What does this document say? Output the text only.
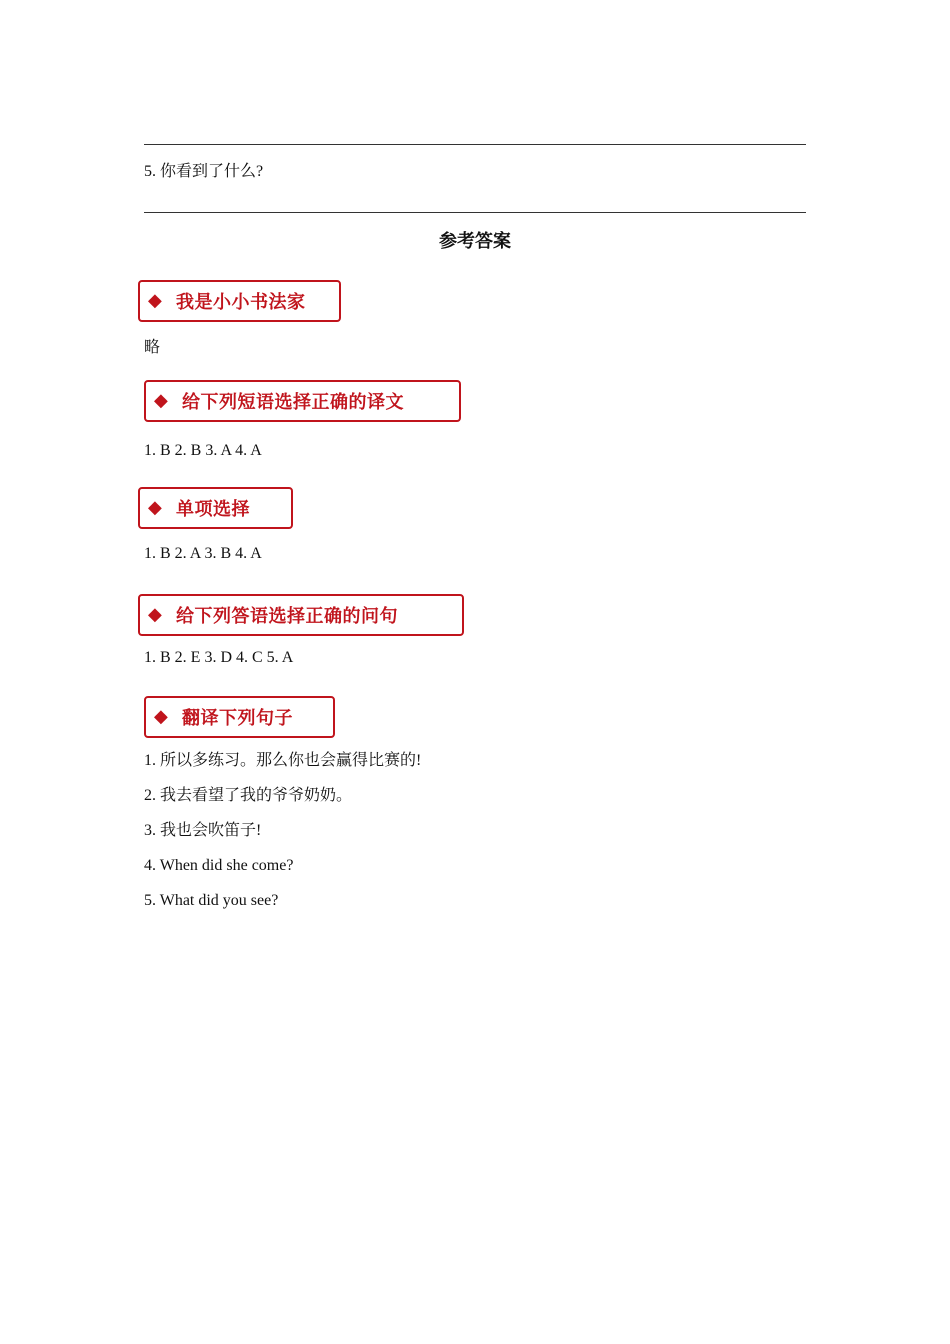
5. 你看到了什么?
参考答案
◆ 我是小小书法家
略
◆ 给下列短语选择正确的译文
1. B 2. B 3. A 4. A
◆ 单项选择
1. B 2. A 3. B 4. A
◆ 给下列答语选择正确的问句
1. B 2. E 3. D 4. C 5. A
◆ 翻译下列句子
1. 所以多练习。那么你也会赢得比赛的!
2. 我去看望了我的爷爷奶奶。
3. 我也会吹笛子!
4. When did she come?
5. What did you see?
